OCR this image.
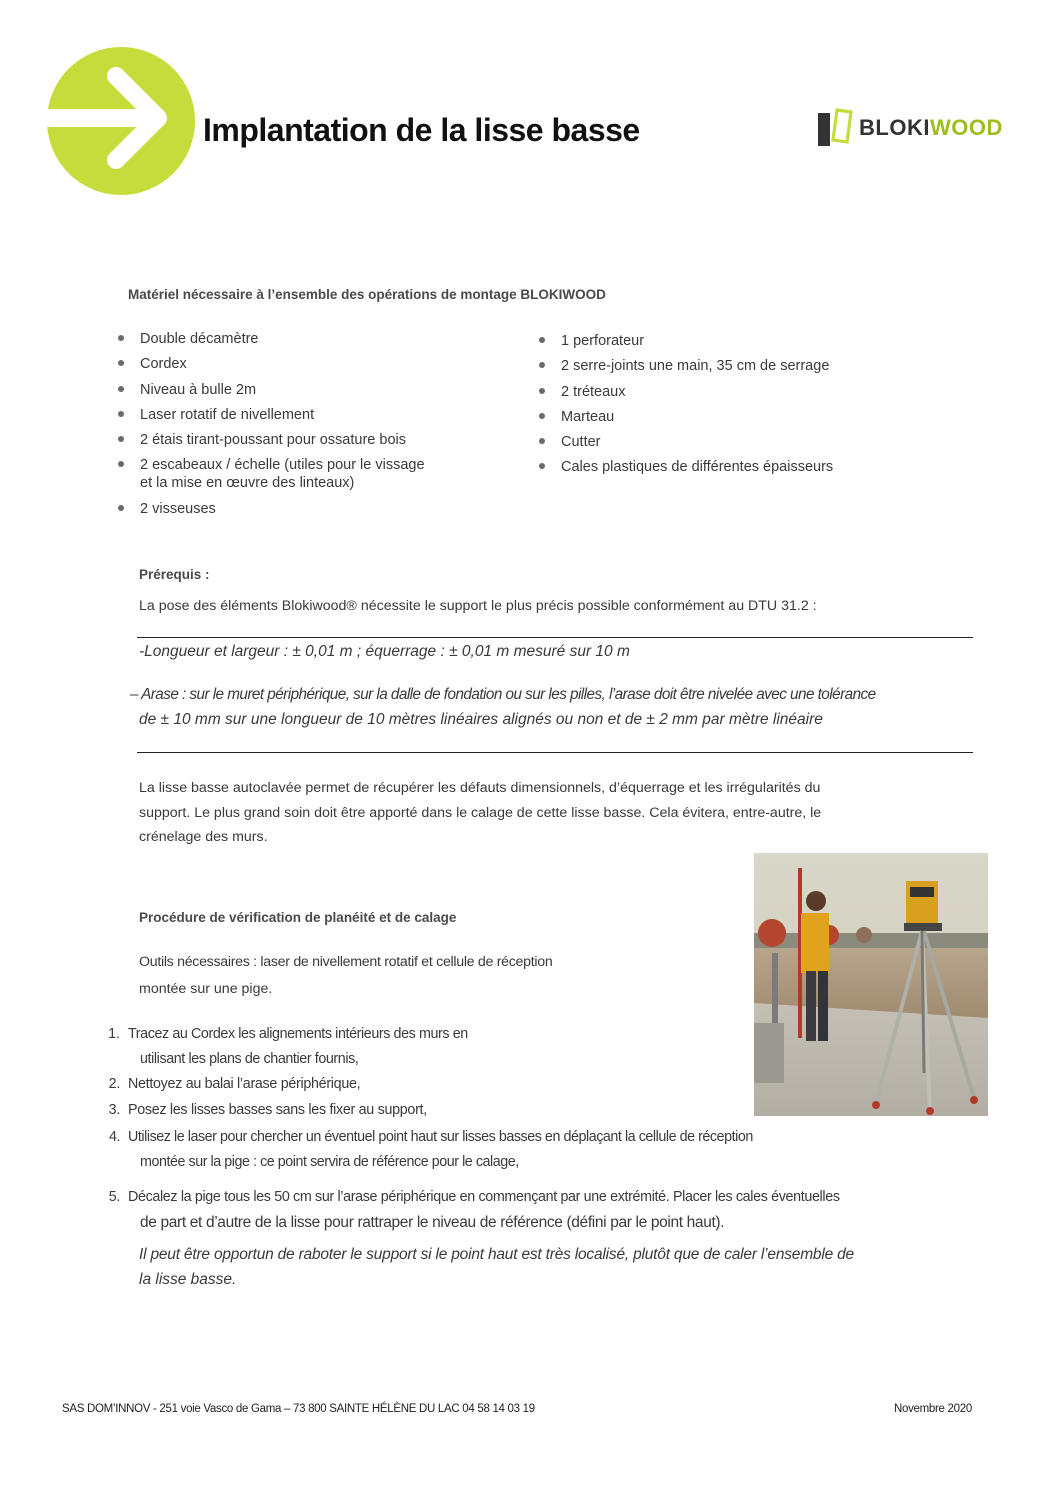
Implantation de la lisse basse	BLOKI WOOD
Matériel nécessaire à l’ensemble des opérations de montage BLOKIWOOD
Double décamètre
Cordex
Niveau à bulle 2m
Laser rotatif de nivellement
2 étais tirant-poussant pour ossature bois
2 escabeaux / échelle (utiles pour le vissage
et la mise en œuvre des linteaux)
2 visseuses
1 perforateur
2 serre-joints une main, 35 cm de serrage
2 tréteaux
Marteau
Cutter
Cales plastiques de différentes épaisseurs
Prérequis :
La pose des éléments Blokiwood® nécessite le support le plus précis possible conformément au DTU 31.2 :
-Longueur et largeur : ± 0,01 m ; équerrage : ± 0,01 m mesuré sur 10 m
– Arase : sur le muret périphérique, sur la dalle de fondation ou sur les pilles, l’arase doit être nivelée avec une tolérance
de ± 10 mm sur une longueur de 10 mètres linéaires alignés ou non et de ± 2 mm par mètre linéaire
La lisse basse autoclavée permet de récupérer les défauts dimensionnels, d’équerrage et les irrégularités du
support. Le plus grand soin doit être apporté dans le calage de cette lisse basse. Cela évitera, entre-autre, le
crénelage des murs.
Procédure de vérification de planéité et de calage
Outils nécessaires : laser de nivellement rotatif et cellule de réception
montée sur une pige.
1. Tracez au Cordex les alignements intérieurs des murs en
utilisant les plans de chantier fournis,
2. Nettoyez au balai l’arase périphérique,
3. Posez les lisses basses sans les fixer au support,
4. Utilisez le laser pour chercher un éventuel point haut sur lisses basses en déplaçant la cellule de réception
montée sur la pige : ce point servira de référence pour le calage,
5. Décalez la pige tous les 50 cm sur l’arase périphérique en commençant par une extrémité. Placer les cales éventuelles
de part et d’autre de la lisse pour rattraper le niveau de référence (défini par le point haut).
Il peut être opportun de raboter le support si le point haut est très localisé, plutôt que de caler l’ensemble de
la lisse basse.
SAS DOM’INNOV - 251 voie Vasco de Gama – 73 800 SAINTE HÉLÈNE DU LAC 04 58 14 03 19	Novembre 2020
